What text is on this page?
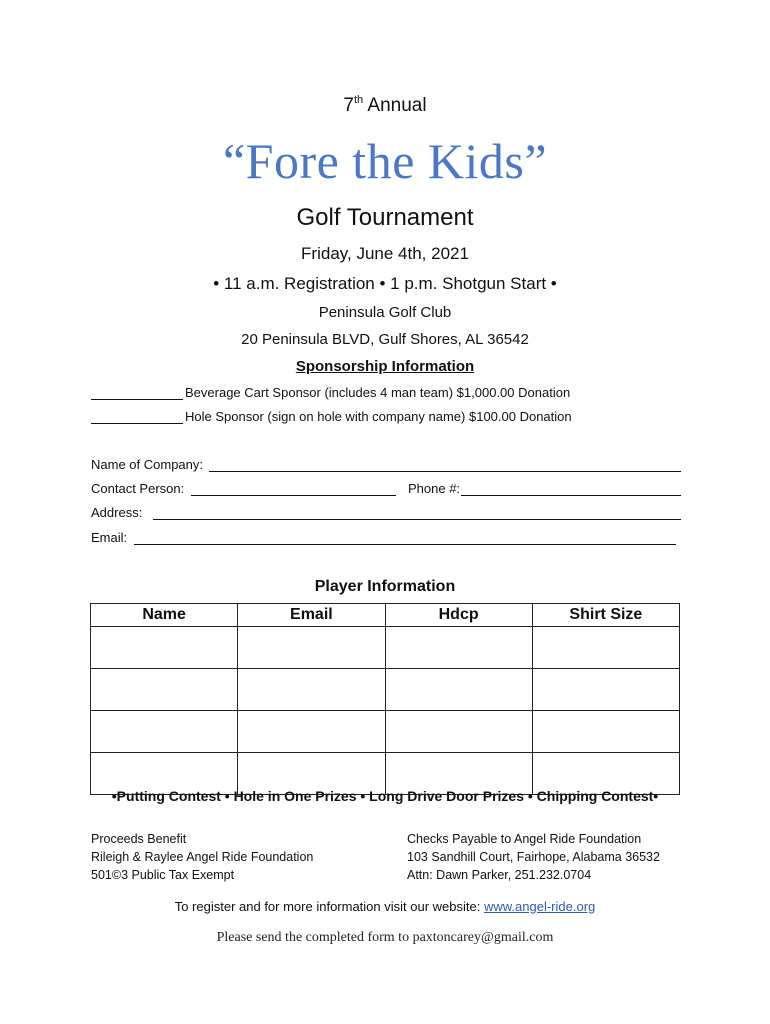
7th Annual
“Fore the Kids”
Golf Tournament
Friday, June 4th, 2021
• 11 a.m. Registration • 1 p.m. Shotgun Start •
Peninsula Golf Club
20 Peninsula BLVD, Gulf Shores, AL 36542
Sponsorship Information
Beverage Cart Sponsor (includes 4 man team) $1,000.00 Donation
Hole Sponsor (sign on hole with company name) $100.00 Donation
Name of Company:
Contact Person:	Phone #:
Address:
Email:
Player Information
Name	Email	Hdcp	Shirt Size

•Putting Contest • Hole in One Prizes • Long Drive Door Prizes • Chipping Contest•
Proceeds Benefit
Rileigh & Raylee Angel Ride Foundation
501©3 Public Tax Exempt
Checks Payable to Angel Ride Foundation
103 Sandhill Court, Fairhope, Alabama 36532
Attn: Dawn Parker, 251.232.0704
To register and for more information visit our website: www.angel-ride.org
Please send the completed form to paxtoncarey@gmail.com
